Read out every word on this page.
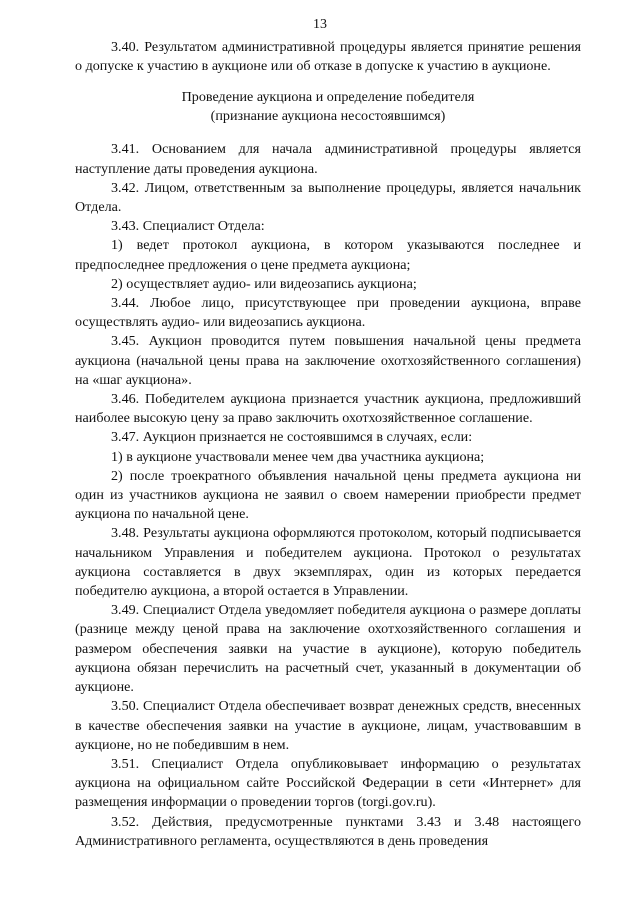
13

3.40. Результатом административной процедуры является принятие решения о допуске к участию в аукционе или об отказе в допуске к участию в аукционе.

Проведение аукциона и определение победителя
(признание аукциона несостоявшимся)

3.41. Основанием для начала административной процедуры является наступление даты проведения аукциона.

3.42. Лицом, ответственным за выполнение процедуры, является начальник Отдела.

3.43. Специалист Отдела:

1) ведет протокол аукциона, в котором указываются последнее и предпоследнее предложения о цене предмета аукциона;

2) осуществляет аудио- или видеозапись аукциона;

3.44. Любое лицо, присутствующее при проведении аукциона, вправе осуществлять аудио- или видеозапись аукциона.

3.45. Аукцион проводится путем повышения начальной цены предмета аукциона (начальной цены права на заключение охотхозяйственного соглашения) на «шаг аукциона».

3.46. Победителем аукциона признается участник аукциона, предложивший наиболее высокую цену за право заключить охотхозяйственное соглашение.

3.47. Аукцион признается не состоявшимся в случаях, если:

1) в аукционе участвовали менее чем два участника аукциона;

2) после троекратного объявления начальной цены предмета аукциона ни один из участников аукциона не заявил о своем намерении приобрести предмет аукциона по начальной цене.

3.48. Результаты аукциона оформляются протоколом, который подписывается начальником Управления и победителем аукциона. Протокол о результатах аукциона составляется в двух экземплярах, один из которых передается победителю аукциона, а второй остается в Управлении.

3.49. Специалист Отдела уведомляет победителя аукциона о размере доплаты (разнице между ценой права на заключение охотхозяйственного соглашения и размером обеспечения заявки на участие в аукционе), которую победитель аукциона обязан перечислить на расчетный счет, указанный в документации об аукционе.

3.50. Специалист Отдела обеспечивает возврат денежных средств, внесенных в качестве обеспечения заявки на участие в аукционе, лицам, участвовавшим в аукционе, но не победившим в нем.

3.51. Специалист Отдела опубликовывает информацию о результатах аукциона на официальном сайте Российской Федерации в сети «Интернет» для размещения информации о проведении торгов (torgi.gov.ru).

3.52. Действия, предусмотренные пунктами 3.43 и 3.48 настоящего Административного регламента, осуществляются в день проведения
